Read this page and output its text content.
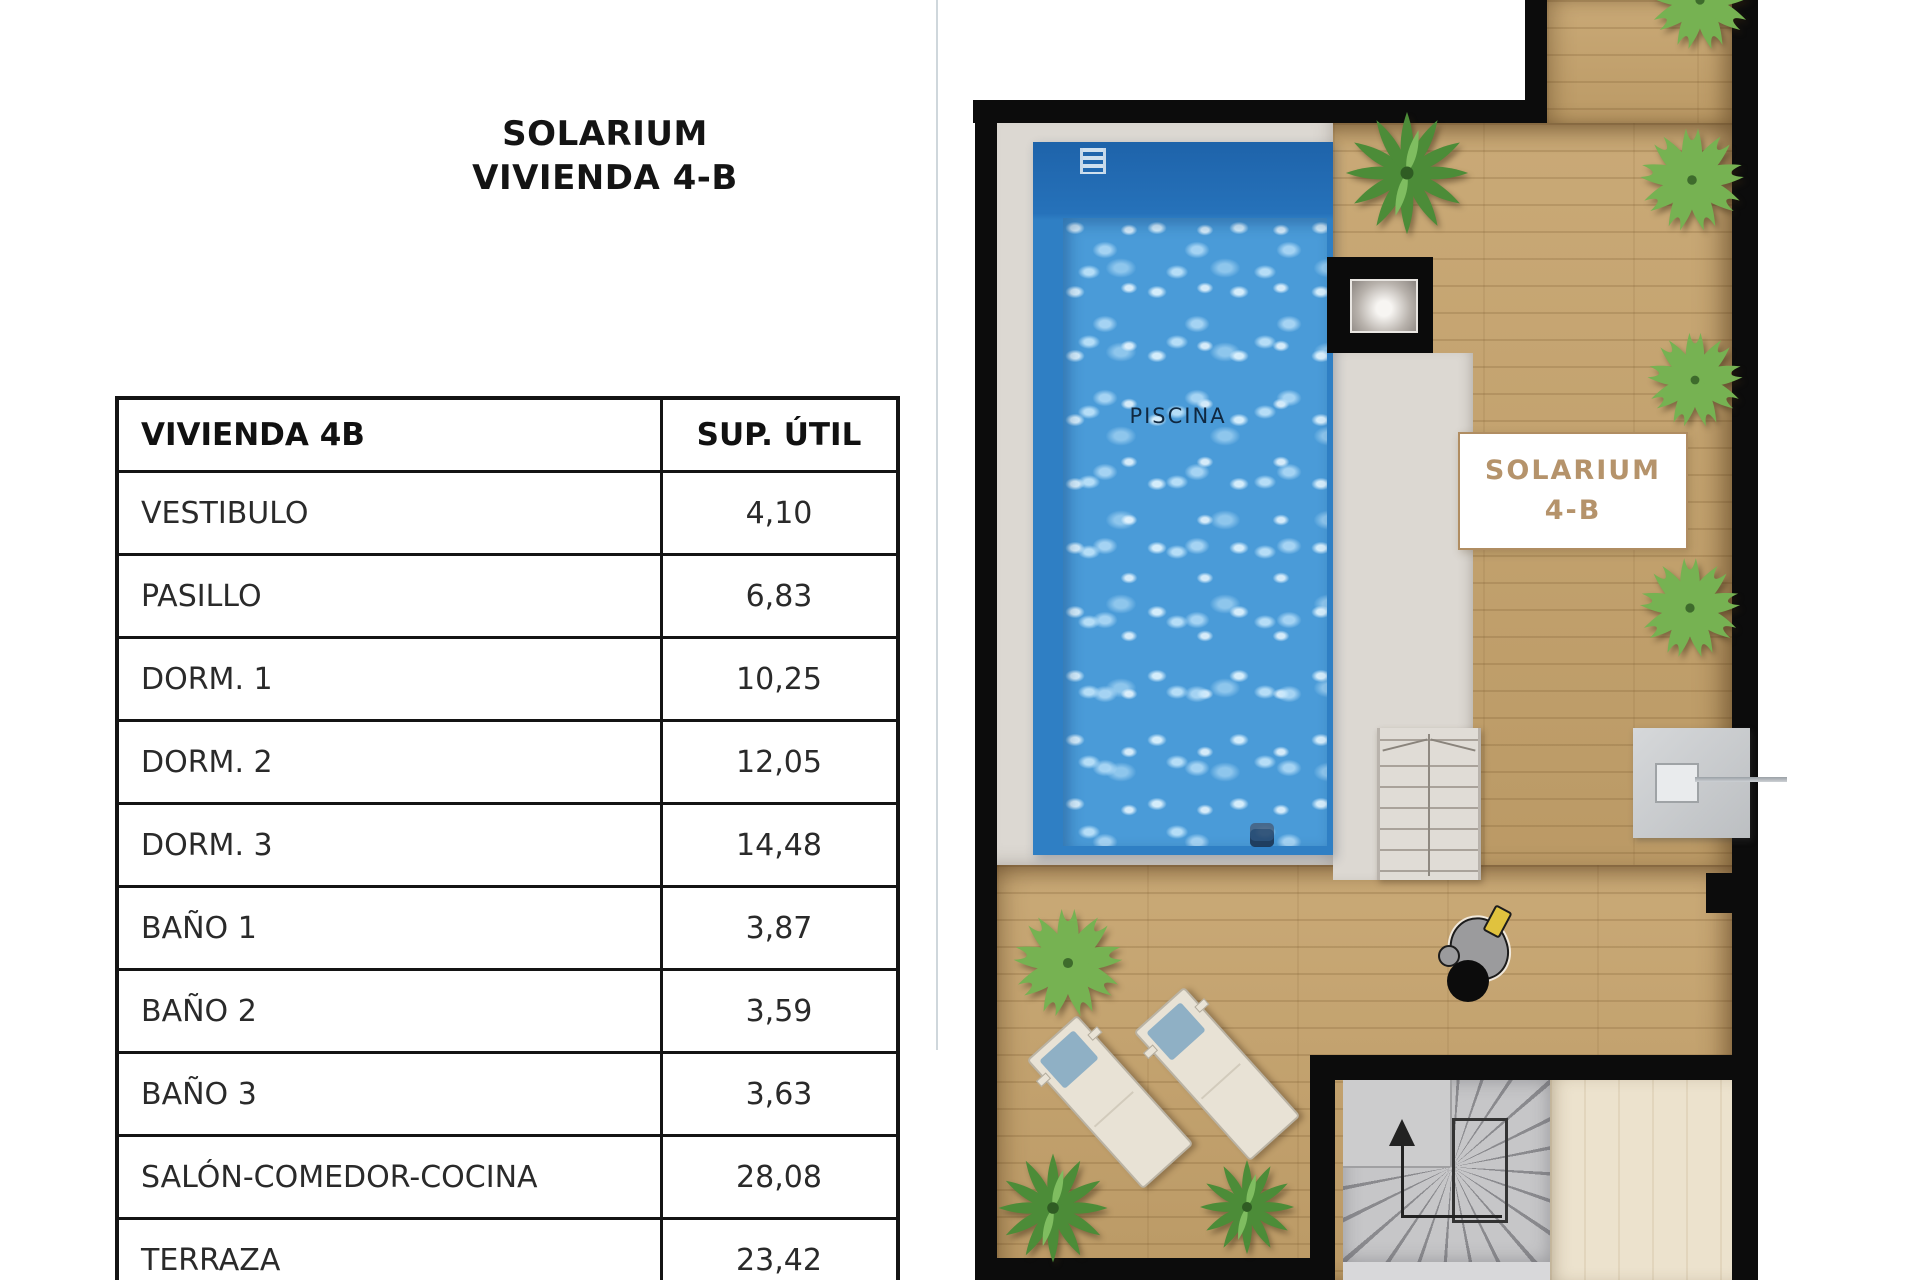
SOLARIUM
VIVIENDA 4-B
VIVIENDA 4B	SUP. ÚTIL
VESTIBULO	4,10
PASILLO	6,83
DORM. 1	10,25
DORM. 2	12,05
DORM. 3	14,48
BAÑO 1	3,87
BAÑO 2	3,59
BAÑO 3	3,63
SALÓN-COMEDOR-COCINA	28,08
TERRAZA	23,42
PISCINA
SOLARIUM
4-B
